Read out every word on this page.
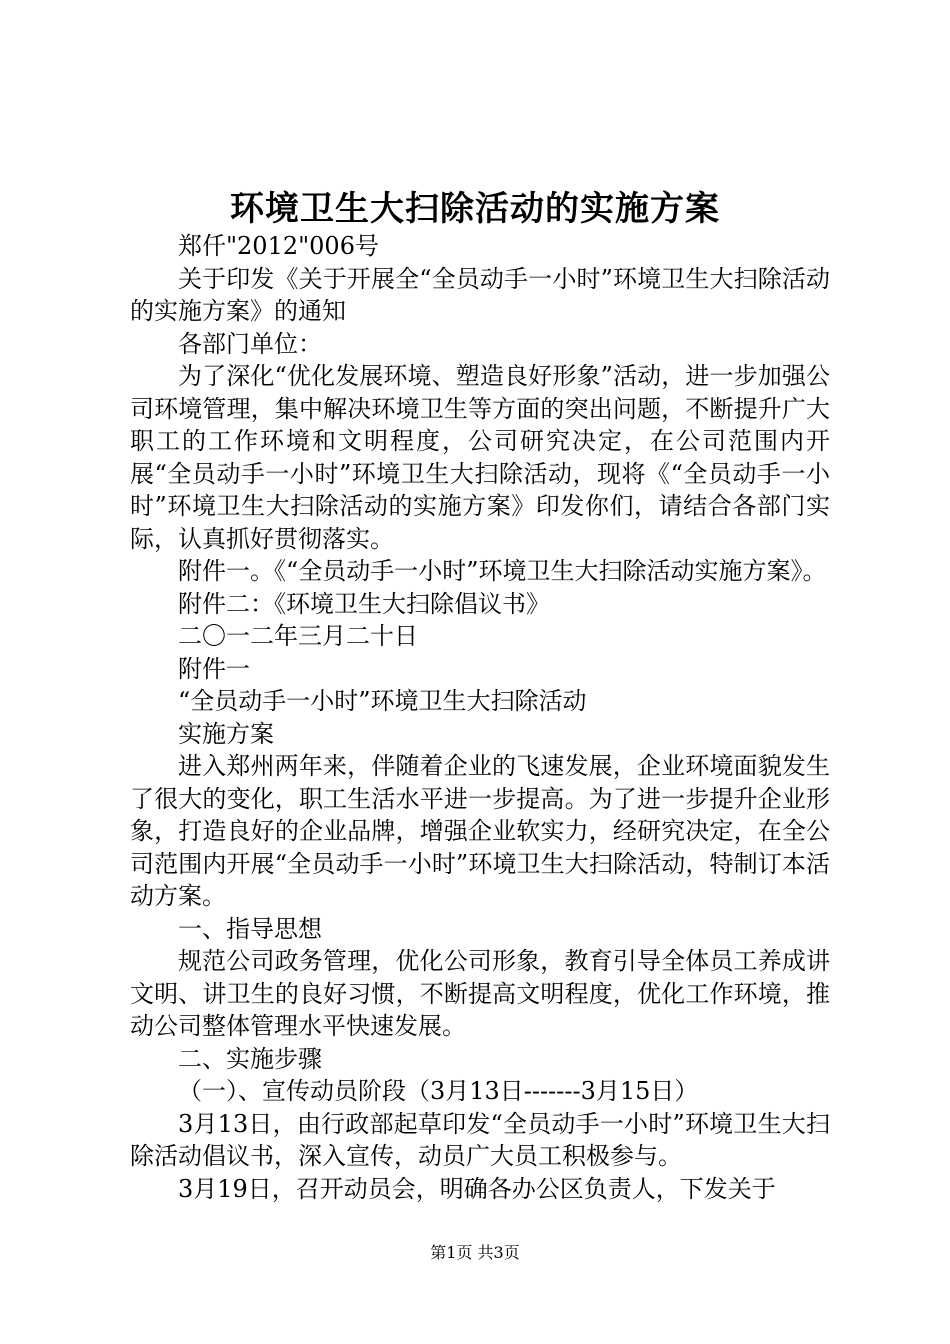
环境卫生大扫除活动的实施方案

郑仟"2012"006号

关于印发《关于开展全“全员动手一小时”环境卫生大扫除活动的实施方案》的通知

各部门单位：

为了深化“优化发展环境、塑造良好形象”活动，进一步加强公司环境管理，集中解决环境卫生等方面的突出问题，不断提升广大职工的工作环境和文明程度，公司研究决定，在公司范围内开展“全员动手一小时”环境卫生大扫除活动，现将《“全员动手一小时”环境卫生大扫除活动的实施方案》印发你们，请结合各部门实际，认真抓好贯彻落实。

附件一。《“全员动手一小时”环境卫生大扫除活动实施方案》。

附件二：《环境卫生大扫除倡议书》

二〇一二年三月二十日

附件一

“全员动手一小时”环境卫生大扫除活动

实施方案

进入郑州两年来，伴随着企业的飞速发展，企业环境面貌发生了很大的变化，职工生活水平进一步提高。为了进一步提升企业形象，打造良好的企业品牌，增强企业软实力，经研究决定，在全公司范围内开展“全员动手一小时”环境卫生大扫除活动，特制订本活动方案。

一、指导思想

规范公司政务管理，优化公司形象，教育引导全体员工养成讲文明、讲卫生的良好习惯，不断提高文明程度，优化工作环境，推动公司整体管理水平快速发展。

二、实施步骤

（一）、宣传动员阶段（3月13日-------3月15日）

3月13日，由行政部起草印发“全员动手一小时”环境卫生大扫除活动倡议书，深入宣传，动员广大员工积极参与。

3月19日，召开动员会，明确各办公区负责人，下发关于

第1页 共3页
